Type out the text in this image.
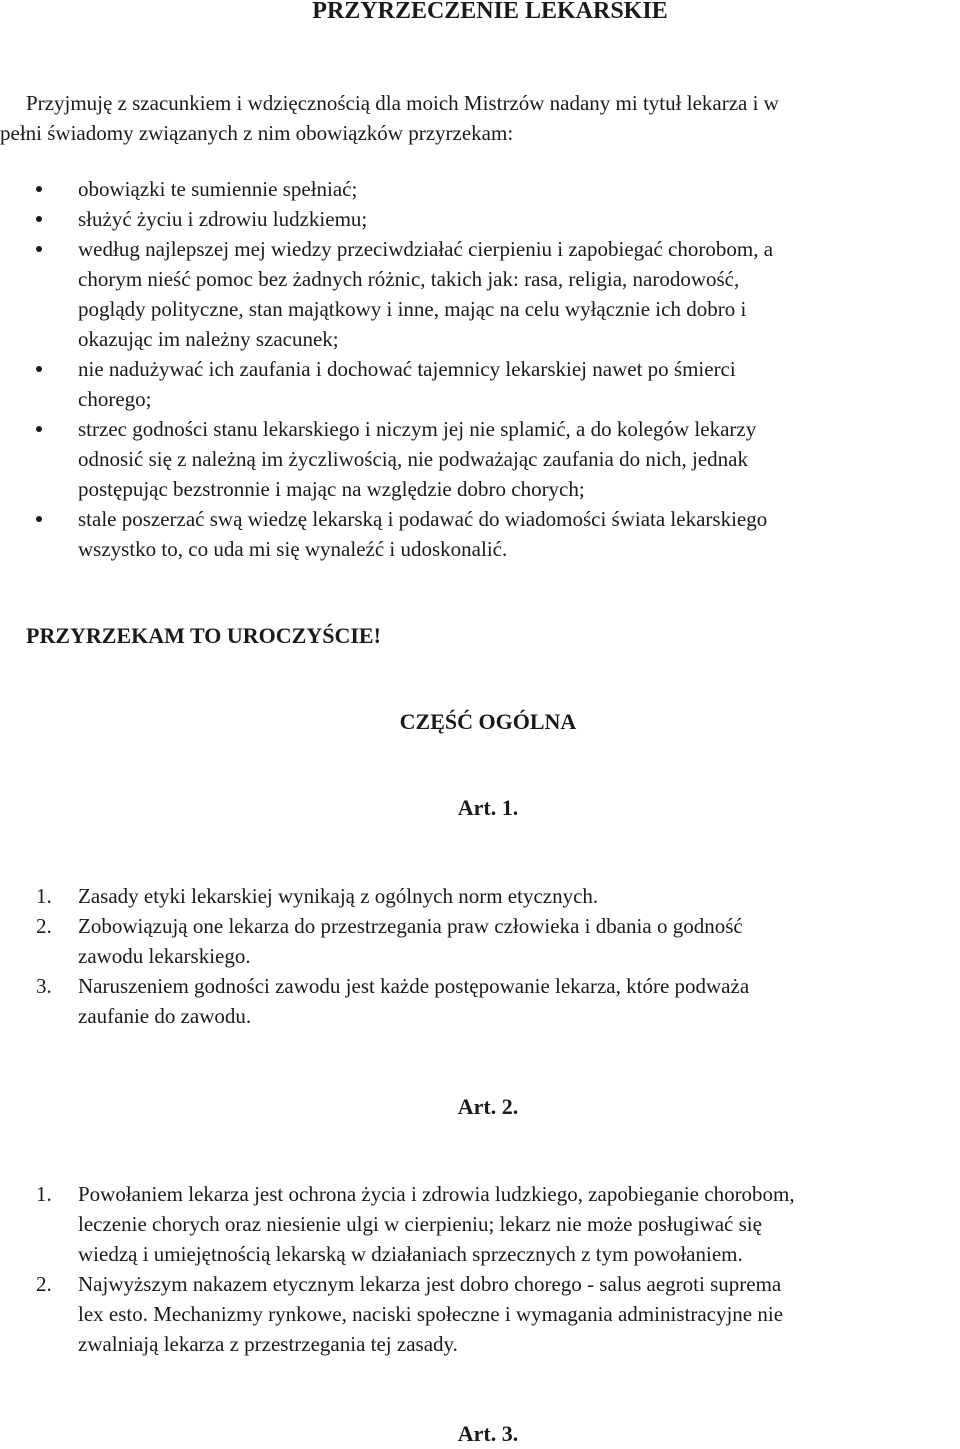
PRZYRZECZENIE LEKARSKIE
Przyjmuję z szacunkiem i wdzięcznością dla moich Mistrzów nadany mi tytuł lekarza i w
pełni świadomy związanych z nim obowiązków przyrzekam:
obowiązki te sumiennie spełniać;
służyć życiu i zdrowiu ludzkiemu;
według najlepszej mej wiedzy przeciwdziałać cierpieniu i zapobiegać chorobom, a
chorym nieść pomoc bez żadnych różnic, takich jak: rasa, religia, narodowość,
poglądy polityczne, stan majątkowy i inne, mając na celu wyłącznie ich dobro i
okazując im należny szacunek;
nie nadużywać ich zaufania i dochować tajemnicy lekarskiej nawet po śmierci
chorego;
strzec godności stanu lekarskiego i niczym jej nie splamić, a do kolegów lekarzy
odnosić się z należną im życzliwością, nie podważając zaufania do nich, jednak
postępując bezstronnie i mając na względzie dobro chorych;
stale poszerzać swą wiedzę lekarską i podawać do wiadomości świata lekarskiego
wszystko to, co uda mi się wynaleźć i udoskonalić.
PRZYRZEKAM TO UROCZYŚCIE!
CZĘŚĆ OGÓLNA
Art. 1.
1. Zasady etyki lekarskiej wynikają z ogólnych norm etycznych.
2. Zobowiązują one lekarza do przestrzegania praw człowieka i dbania o godność
zawodu lekarskiego.
3. Naruszeniem godności zawodu jest każde postępowanie lekarza, które podważa
zaufanie do zawodu.
Art. 2.
1. Powołaniem lekarza jest ochrona życia i zdrowia ludzkiego, zapobieganie chorobom,
leczenie chorych oraz niesienie ulgi w cierpieniu; lekarz nie może posługiwać się
wiedzą i umiejętnością lekarską w działaniach sprzecznych z tym powołaniem.
2. Najwyższym nakazem etycznym lekarza jest dobro chorego - salus aegroti suprema
lex esto. Mechanizmy rynkowe, naciski społeczne i wymagania administracyjne nie
zwalniają lekarza z przestrzegania tej zasady.
Art. 3.
